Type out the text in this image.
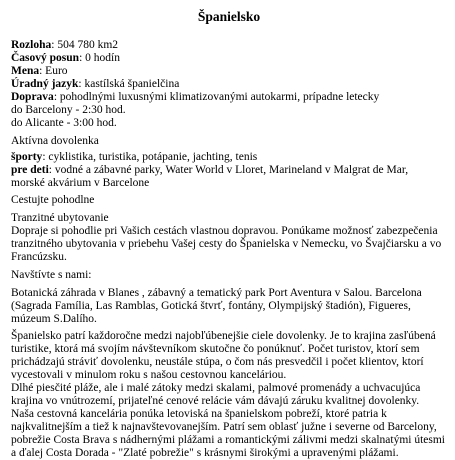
Španielsko
Rozloha: 504 780 km2
Časový posun: 0 hodín
Mena: Euro
Úradný jazyk: kastílská španielčina
Doprava: pohodlnými luxusnými klimatizovanými autokarmi, prípadne letecky
do Barcelony - 2:30 hod.
do Alicante - 3:00 hod.
Aktívna dovolenka
športy: cyklistika, turistika, potápanie, jachting, tenis
pre deti: vodné a zábavné parky, Water World v Lloret, Marineland v Malgrat de Mar,
morské akvárium v Barcelone
Cestujte pohodlne
Tranzitné ubytovanie
Dopraje si pohodlie pri Vašich cestách vlastnou dopravou. Ponúkame možnosť zabezpečenia
tranzitného ubytovania v priebehu Vašej cesty do Španielska v Nemecku, vo Švajčiarsku a vo
Francúzsku.
Navštívte s nami:
Botanická záhrada v Blanes , zábavný a tematický park Port Aventura v Salou. Barcelona
(Sagrada Família, Las Ramblas, Gotická štvrť, fontány, Olympijský štadión), Figueres,
múzeum S.Dalího.
Španielsko patrí každoročne medzi najobľúbenejšie ciele dovolenky. Je to krajina zasľúbená
turistike, ktorá má svojím návštevníkom skutočne čo ponúknuť. Počet turistov, ktorí sem
prichádzajú stráviť dovolenku, neustále stúpa, o čom nás presvedčil i počet klientov, ktorí
vycestovali v minulom roku s našou cestovnou kanceláriou.
Dlhé piesčité pláže, ale i malé zátoky medzi skalami, palmové promenády a uchvacujúca
krajina vo vnútrozemí, prijateľné cenové relácie vám dávajú záruku kvalitnej dovolenky.
Naša cestovná kancelária ponúka letoviská na španielskom pobreží, ktoré patria k
najkvalitnejším a tiež k najnavštevovanejším. Patrí sem oblasť južne i severne od Barcelony,
pobrežie Costa Brava s nádhernými plážami a romantickými zálivmi medzi skalnatými útesmi
a ďalej Costa Dorada - "Zlaté pobrežie" s krásnymi širokými a upravenými plážami.
